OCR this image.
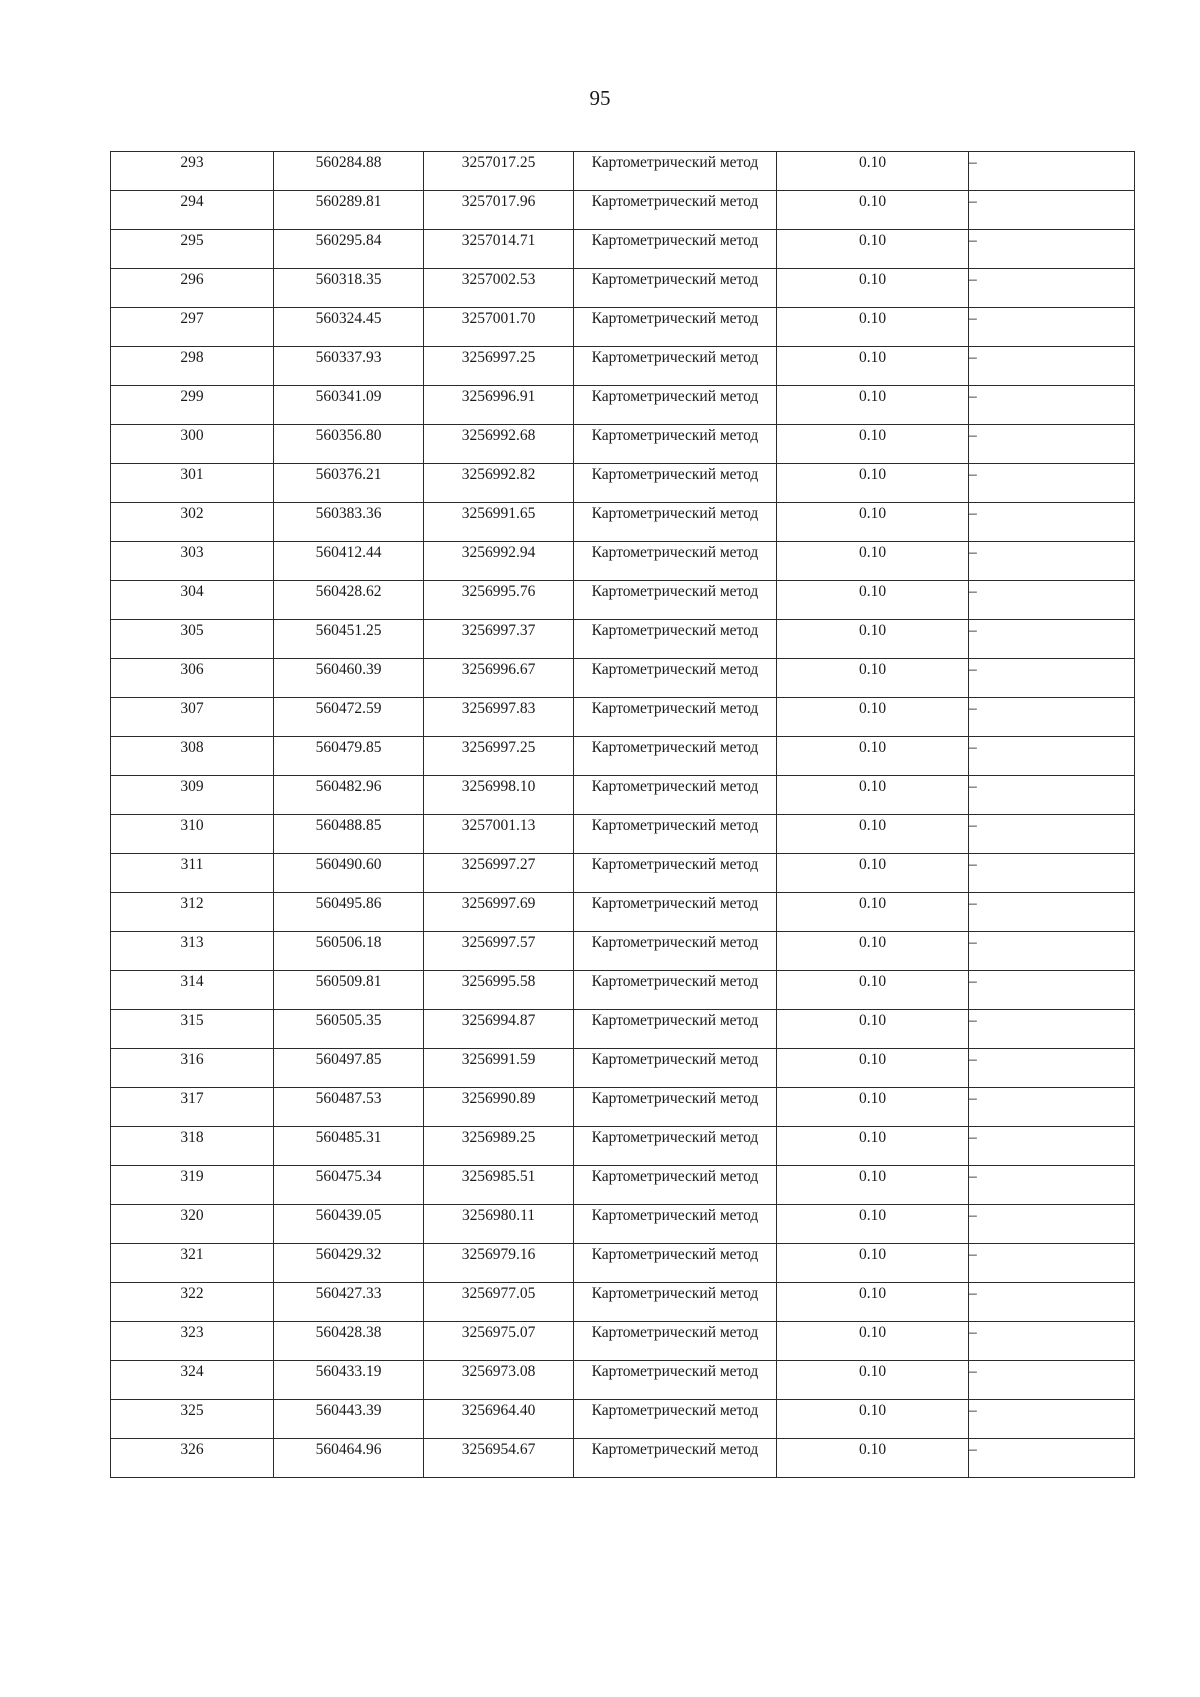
95
293	560284.88	3257017.25	Картометрический метод	0.10	–
294	560289.81	3257017.96	Картометрический метод	0.10	–
295	560295.84	3257014.71	Картометрический метод	0.10	–
296	560318.35	3257002.53	Картометрический метод	0.10	–
297	560324.45	3257001.70	Картометрический метод	0.10	–
298	560337.93	3256997.25	Картометрический метод	0.10	–
299	560341.09	3256996.91	Картометрический метод	0.10	–
300	560356.80	3256992.68	Картометрический метод	0.10	–
301	560376.21	3256992.82	Картометрический метод	0.10	–
302	560383.36	3256991.65	Картометрический метод	0.10	–
303	560412.44	3256992.94	Картометрический метод	0.10	–
304	560428.62	3256995.76	Картометрический метод	0.10	–
305	560451.25	3256997.37	Картометрический метод	0.10	–
306	560460.39	3256996.67	Картометрический метод	0.10	–
307	560472.59	3256997.83	Картометрический метод	0.10	–
308	560479.85	3256997.25	Картометрический метод	0.10	–
309	560482.96	3256998.10	Картометрический метод	0.10	–
310	560488.85	3257001.13	Картометрический метод	0.10	–
311	560490.60	3256997.27	Картометрический метод	0.10	–
312	560495.86	3256997.69	Картометрический метод	0.10	–
313	560506.18	3256997.57	Картометрический метод	0.10	–
314	560509.81	3256995.58	Картометрический метод	0.10	–
315	560505.35	3256994.87	Картометрический метод	0.10	–
316	560497.85	3256991.59	Картометрический метод	0.10	–
317	560487.53	3256990.89	Картометрический метод	0.10	–
318	560485.31	3256989.25	Картометрический метод	0.10	–
319	560475.34	3256985.51	Картометрический метод	0.10	–
320	560439.05	3256980.11	Картометрический метод	0.10	–
321	560429.32	3256979.16	Картометрический метод	0.10	–
322	560427.33	3256977.05	Картометрический метод	0.10	–
323	560428.38	3256975.07	Картометрический метод	0.10	–
324	560433.19	3256973.08	Картометрический метод	0.10	–
325	560443.39	3256964.40	Картометрический метод	0.10	–
326	560464.96	3256954.67	Картометрический метод	0.10	–
